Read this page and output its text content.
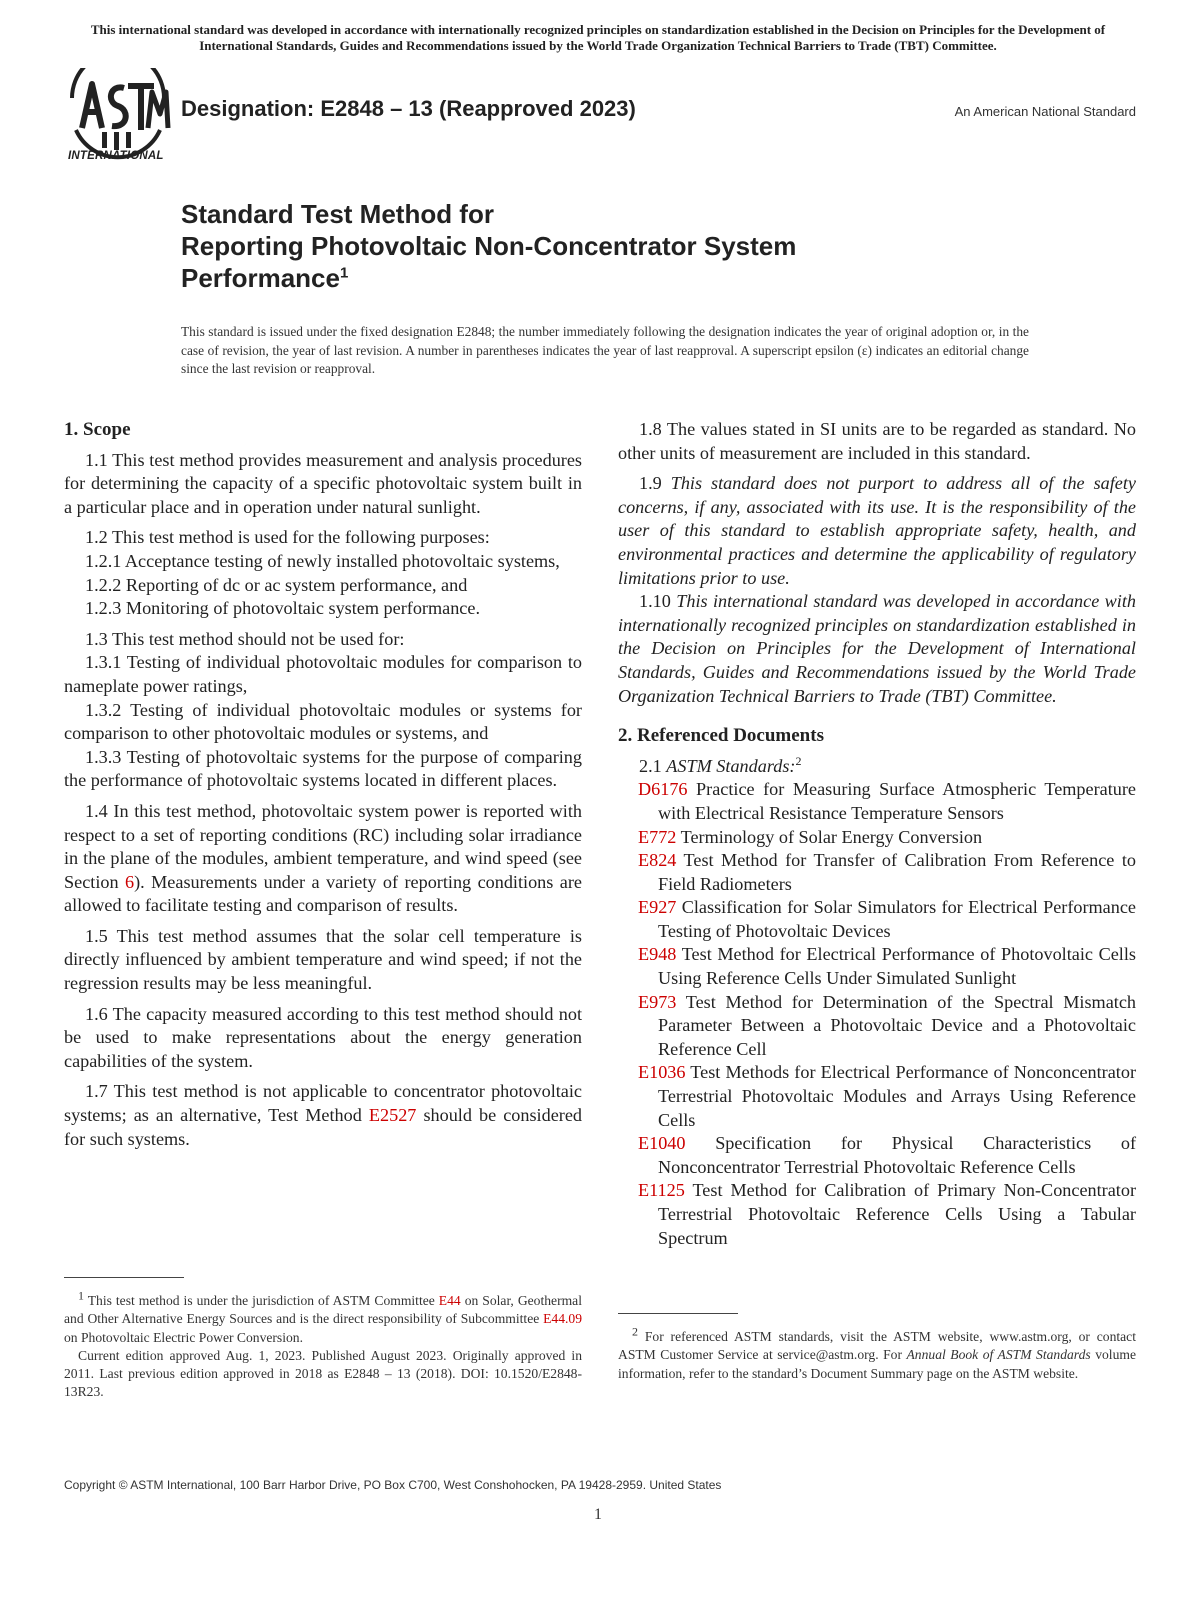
This international standard was developed in accordance with internationally recognized principles on standardization established in the Decision on Principles for the Development of International Standards, Guides and Recommendations issued by the World Trade Organization Technical Barriers to Trade (TBT) Committee.
INTERNATIONAL
Designation: E2848 – 13 (Reapproved 2023)	An American National Standard
Standard Test Method for
Reporting Photovoltaic Non-Concentrator System
Performance$^1$
This standard is issued under the fixed designation E2848; the number immediately following the designation indicates the year of original adoption or, in the case of revision, the year of last revision. A number in parentheses indicates the year of last reapproval. A superscript epsilon (ε) indicates an editorial change since the last revision or reapproval.
1. Scope

1.1 This test method provides measurement and analysis procedures for determining the capacity of a specific photovoltaic system built in a particular place and in operation under natural sunlight.

1.2 This test method is used for the following purposes:

1.2.1 Acceptance testing of newly installed photovoltaic systems,

1.2.2 Reporting of dc or ac system performance, and

1.2.3 Monitoring of photovoltaic system performance.

1.3 This test method should not be used for:

1.3.1 Testing of individual photovoltaic modules for comparison to nameplate power ratings,

1.3.2 Testing of individual photovoltaic modules or systems for comparison to other photovoltaic modules or systems, and

1.3.3 Testing of photovoltaic systems for the purpose of comparing the performance of photovoltaic systems located in different places.

1.4 In this test method, photovoltaic system power is reported with respect to a set of reporting conditions (RC) including solar irradiance in the plane of the modules, ambient temperature, and wind speed (see Section 6). Measurements under a variety of reporting conditions are allowed to facilitate testing and comparison of results.

1.5 This test method assumes that the solar cell temperature is directly influenced by ambient temperature and wind speed; if not the regression results may be less meaningful.

1.6 The capacity measured according to this test method should not be used to make representations about the energy generation capabilities of the system.

1.7 This test method is not applicable to concentrator photovoltaic systems; as an alternative, Test Method E2527 should be considered for such systems.

1.8 The values stated in SI units are to be regarded as standard. No other units of measurement are included in this standard.

1.9 This standard does not purport to address all of the safety concerns, if any, associated with its use. It is the responsibility of the user of this standard to establish appropriate safety, health, and environmental practices and determine the applicability of regulatory limitations prior to use.

1.10 This international standard was developed in accordance with internationally recognized principles on standardization established in the Decision on Principles for the Development of International Standards, Guides and Recommendations issued by the World Trade Organization Technical Barriers to Trade (TBT) Committee.

2. Referenced Documents

2.1 ASTM Standards:$^2$

D6176 Practice for Measuring Surface Atmospheric Temperature with Electrical Resistance Temperature Sensors
E772 Terminology of Solar Energy Conversion
E824 Test Method for Transfer of Calibration From Reference to Field Radiometers
E927 Classification for Solar Simulators for Electrical Performance Testing of Photovoltaic Devices
E948 Test Method for Electrical Performance of Photovoltaic Cells Using Reference Cells Under Simulated Sunlight
E973 Test Method for Determination of the Spectral Mismatch Parameter Between a Photovoltaic Device and a Photovoltaic Reference Cell
E1036 Test Methods for Electrical Performance of Nonconcentrator Terrestrial Photovoltaic Modules and Arrays Using Reference Cells
E1040 Specification for Physical Characteristics of Nonconcentrator Terrestrial Photovoltaic Reference Cells
E1125 Test Method for Calibration of Primary Non-Concentrator Terrestrial Photovoltaic Reference Cells Using a Tabular Spectrum

1 This test method is under the jurisdiction of ASTM Committee E44 on Solar, Geothermal and Other Alternative Energy Sources and is the direct responsibility of Subcommittee E44.09 on Photovoltaic Electric Power Conversion.

Current edition approved Aug. 1, 2023. Published August 2023. Originally approved in 2011. Last previous edition approved in 2018 as E2848 – 13 (2018). DOI: 10.1520/E2848-13R23.

2 For referenced ASTM standards, visit the ASTM website, www.astm.org, or contact ASTM Customer Service at service@astm.org. For Annual Book of ASTM Standards volume information, refer to the standard’s Document Summary page on the ASTM website.

Copyright © ASTM International, 100 Barr Harbor Drive, PO Box C700, West Conshohocken, PA 19428-2959. United States
1
